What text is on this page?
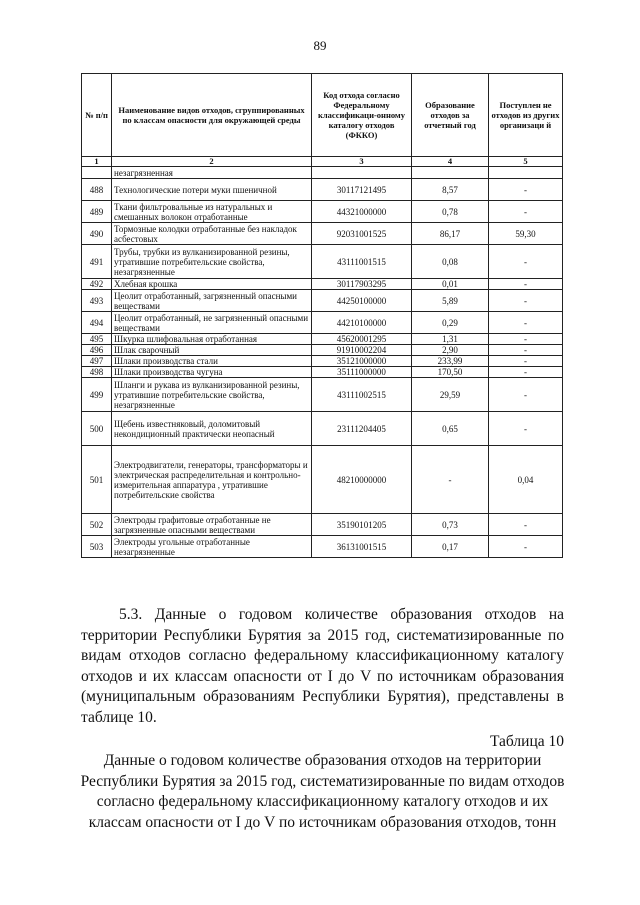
89
№ п/п	Наименование видов отходов, сгруппированных по классам опасности для окружающей среды	Код отхода согласно Федеральному классификаци-онному каталогу отходов (ФККО)	Образование отходов за отчетный год	Поступлен не отходов из других организаци й
1	2	3	4	5
	незагрязненная			
488	Технологические потери муки пшеничной	30117121495	8,57	-
489	Ткани фильтровальные из натуральных и смешанных волокон отработанные	44321000000	0,78	-
490	Тормозные колодки отработанные без накладок асбестовых	92031001525	86,17	59,30
491	Трубы, трубки из вулканизированной резины, утратившие потребительские свойства, незагрязненные	43111001515	0,08	-
492	Хлебная крошка	30117903295	0,01	-
493	Цеолит отработанный, загрязненный опасными веществами	44250100000	5,89	-
494	Цеолит отработанный, не загрязненный опасными веществами	44210100000	0,29	-
495	Шкурка шлифовальная отработанная	45620001295	1,31	-
496	Шлак сварочный	91910002204	2,90	-
497	Шлаки производства стали	35121000000	233,99	-
498	Шлаки производства чугуна	35111000000	170,50	-
499	Шланги и рукава из вулканизированной резины, утратившие потребительские свойства, незагрязненные	43111002515	29,59	-
500	Щебень известняковый, доломитовый некондиционный практически неопасный	23111204405	0,65	-
501	Электродвигатели, генераторы, трансформаторы и электрическая распределительная и контрольно-измерительная аппаратура , утратившие потребительские свойства	48210000000	-	0,04
502	Электроды графитовые отработанные не загрязненные опасными веществами	35190101205	0,73	-
503	Электроды угольные отработанные незагрязненные	36131001515	0,17	-
5.3. Данные о годовом количестве образования отходов на территории Республики Бурятия за 2015 год, систематизированные по видам отходов согласно федеральному классификационному каталогу отходов и их классам опасности от I до V по источникам образования (муниципальным образованиям Республики Бурятия), представлены в таблице 10.
Таблица 10
Данные о годовом количестве образования отходов на территории Республики Бурятия за 2015 год, систематизированные по видам отходов согласно федеральному классификационному каталогу отходов и их классам опасности от I до V по источникам образования отходов, тонн
